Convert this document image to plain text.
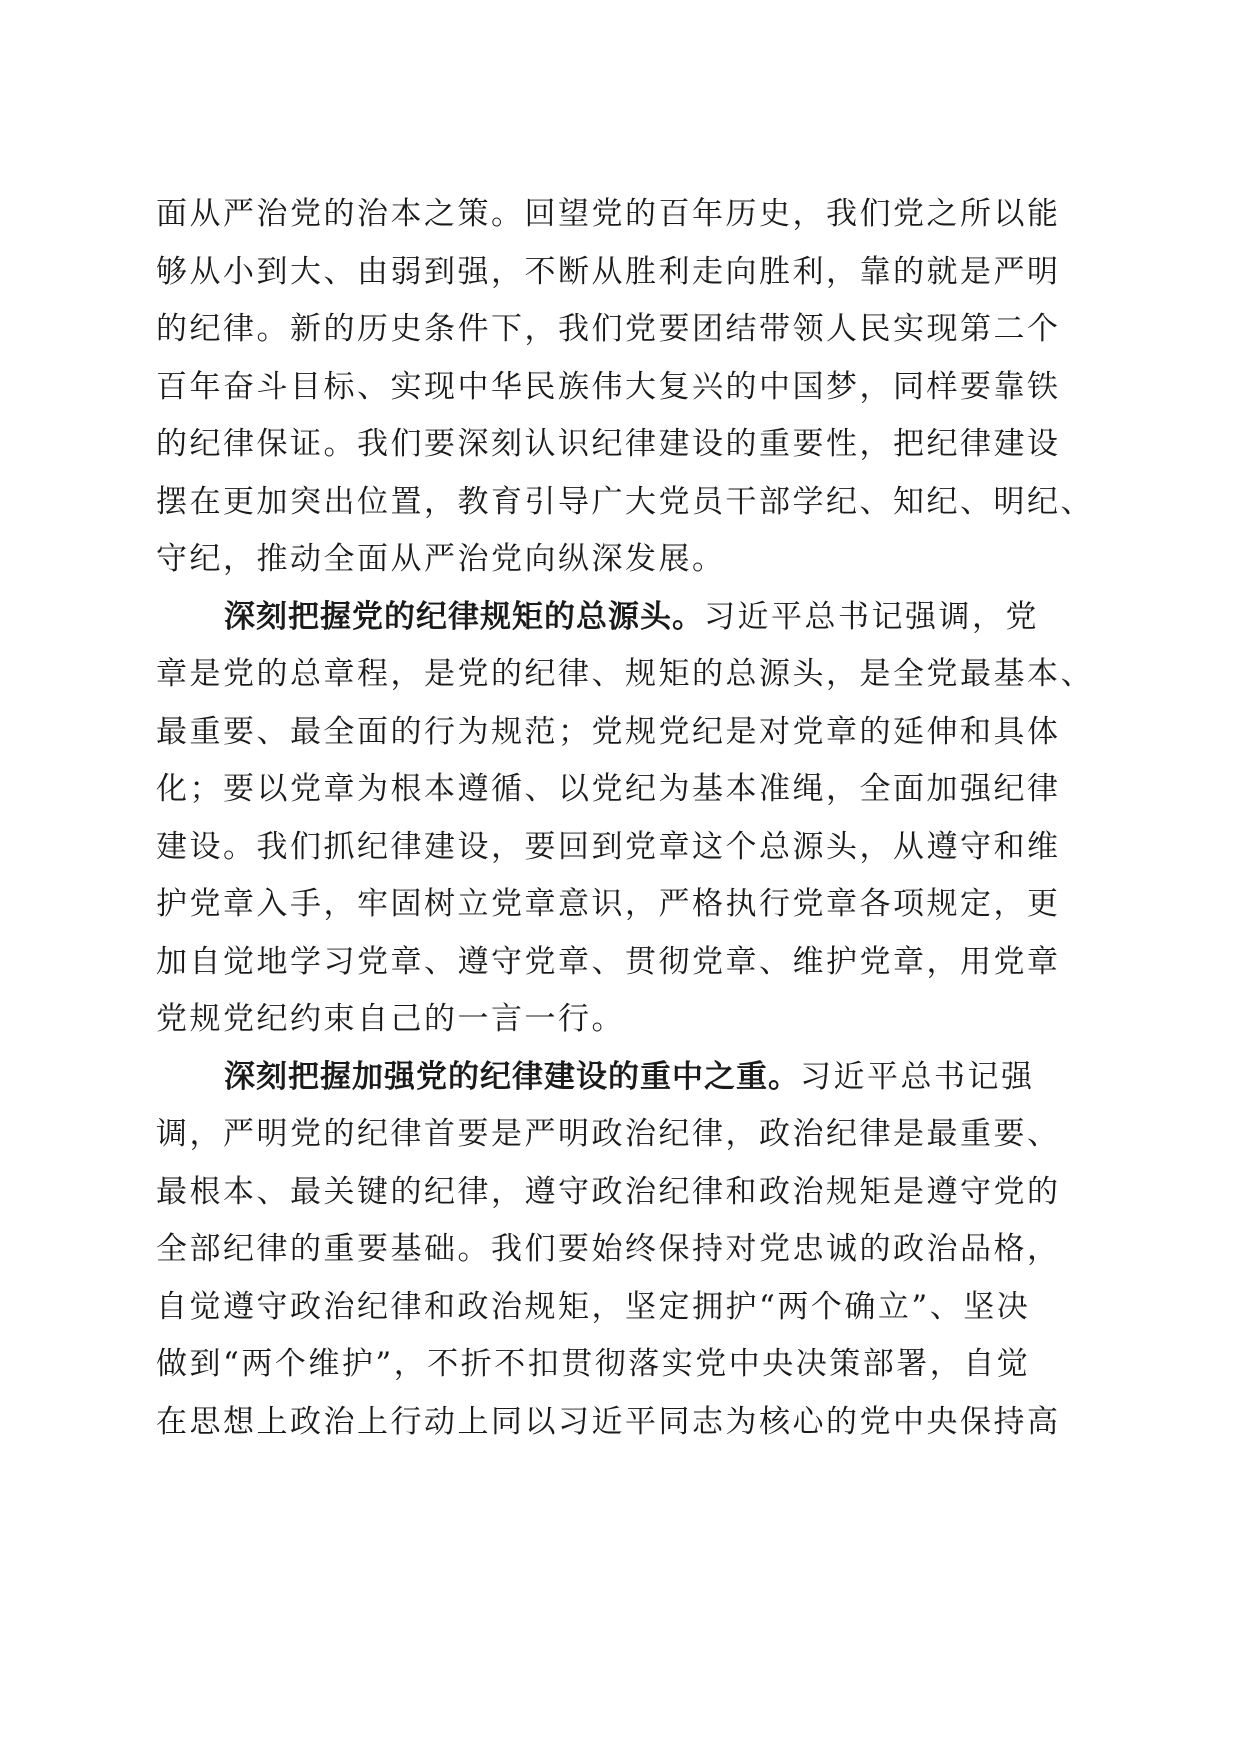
面从严治党的治本之策。回望党的百年历史，我们党之所以能
够从小到大、由弱到强，不断从胜利走向胜利，靠的就是严明
的纪律。新的历史条件下，我们党要团结带领人民实现第二个
百年奋斗目标、实现中华民族伟大复兴的中国梦，同样要靠铁
的纪律保证。我们要深刻认识纪律建设的重要性，把纪律建设
摆在更加突出位置，教育引导广大党员干部学纪、知纪、明纪、
守纪，推动全面从严治党向纵深发展。
深刻把握党的纪律规矩的总源头。习近平总书记强调，党
章是党的总章程，是党的纪律、规矩的总源头，是全党最基本、
最重要、最全面的行为规范；党规党纪是对党章的延伸和具体
化；要以党章为根本遵循、以党纪为基本准绳，全面加强纪律
建设。我们抓纪律建设，要回到党章这个总源头，从遵守和维
护党章入手，牢固树立党章意识，严格执行党章各项规定，更
加自觉地学习党章、遵守党章、贯彻党章、维护党章，用党章
党规党纪约束自己的一言一行。
深刻把握加强党的纪律建设的重中之重。习近平总书记强
调，严明党的纪律首要是严明政治纪律，政治纪律是最重要、
最根本、最关键的纪律，遵守政治纪律和政治规矩是遵守党的
全部纪律的重要基础。我们要始终保持对党忠诚的政治品格，
自觉遵守政治纪律和政治规矩，坚定拥护“两个确立”、坚决
做到“两个维护”，不折不扣贯彻落实党中央决策部署，自觉
在思想上政治上行动上同以习近平同志为核心的党中央保持高
